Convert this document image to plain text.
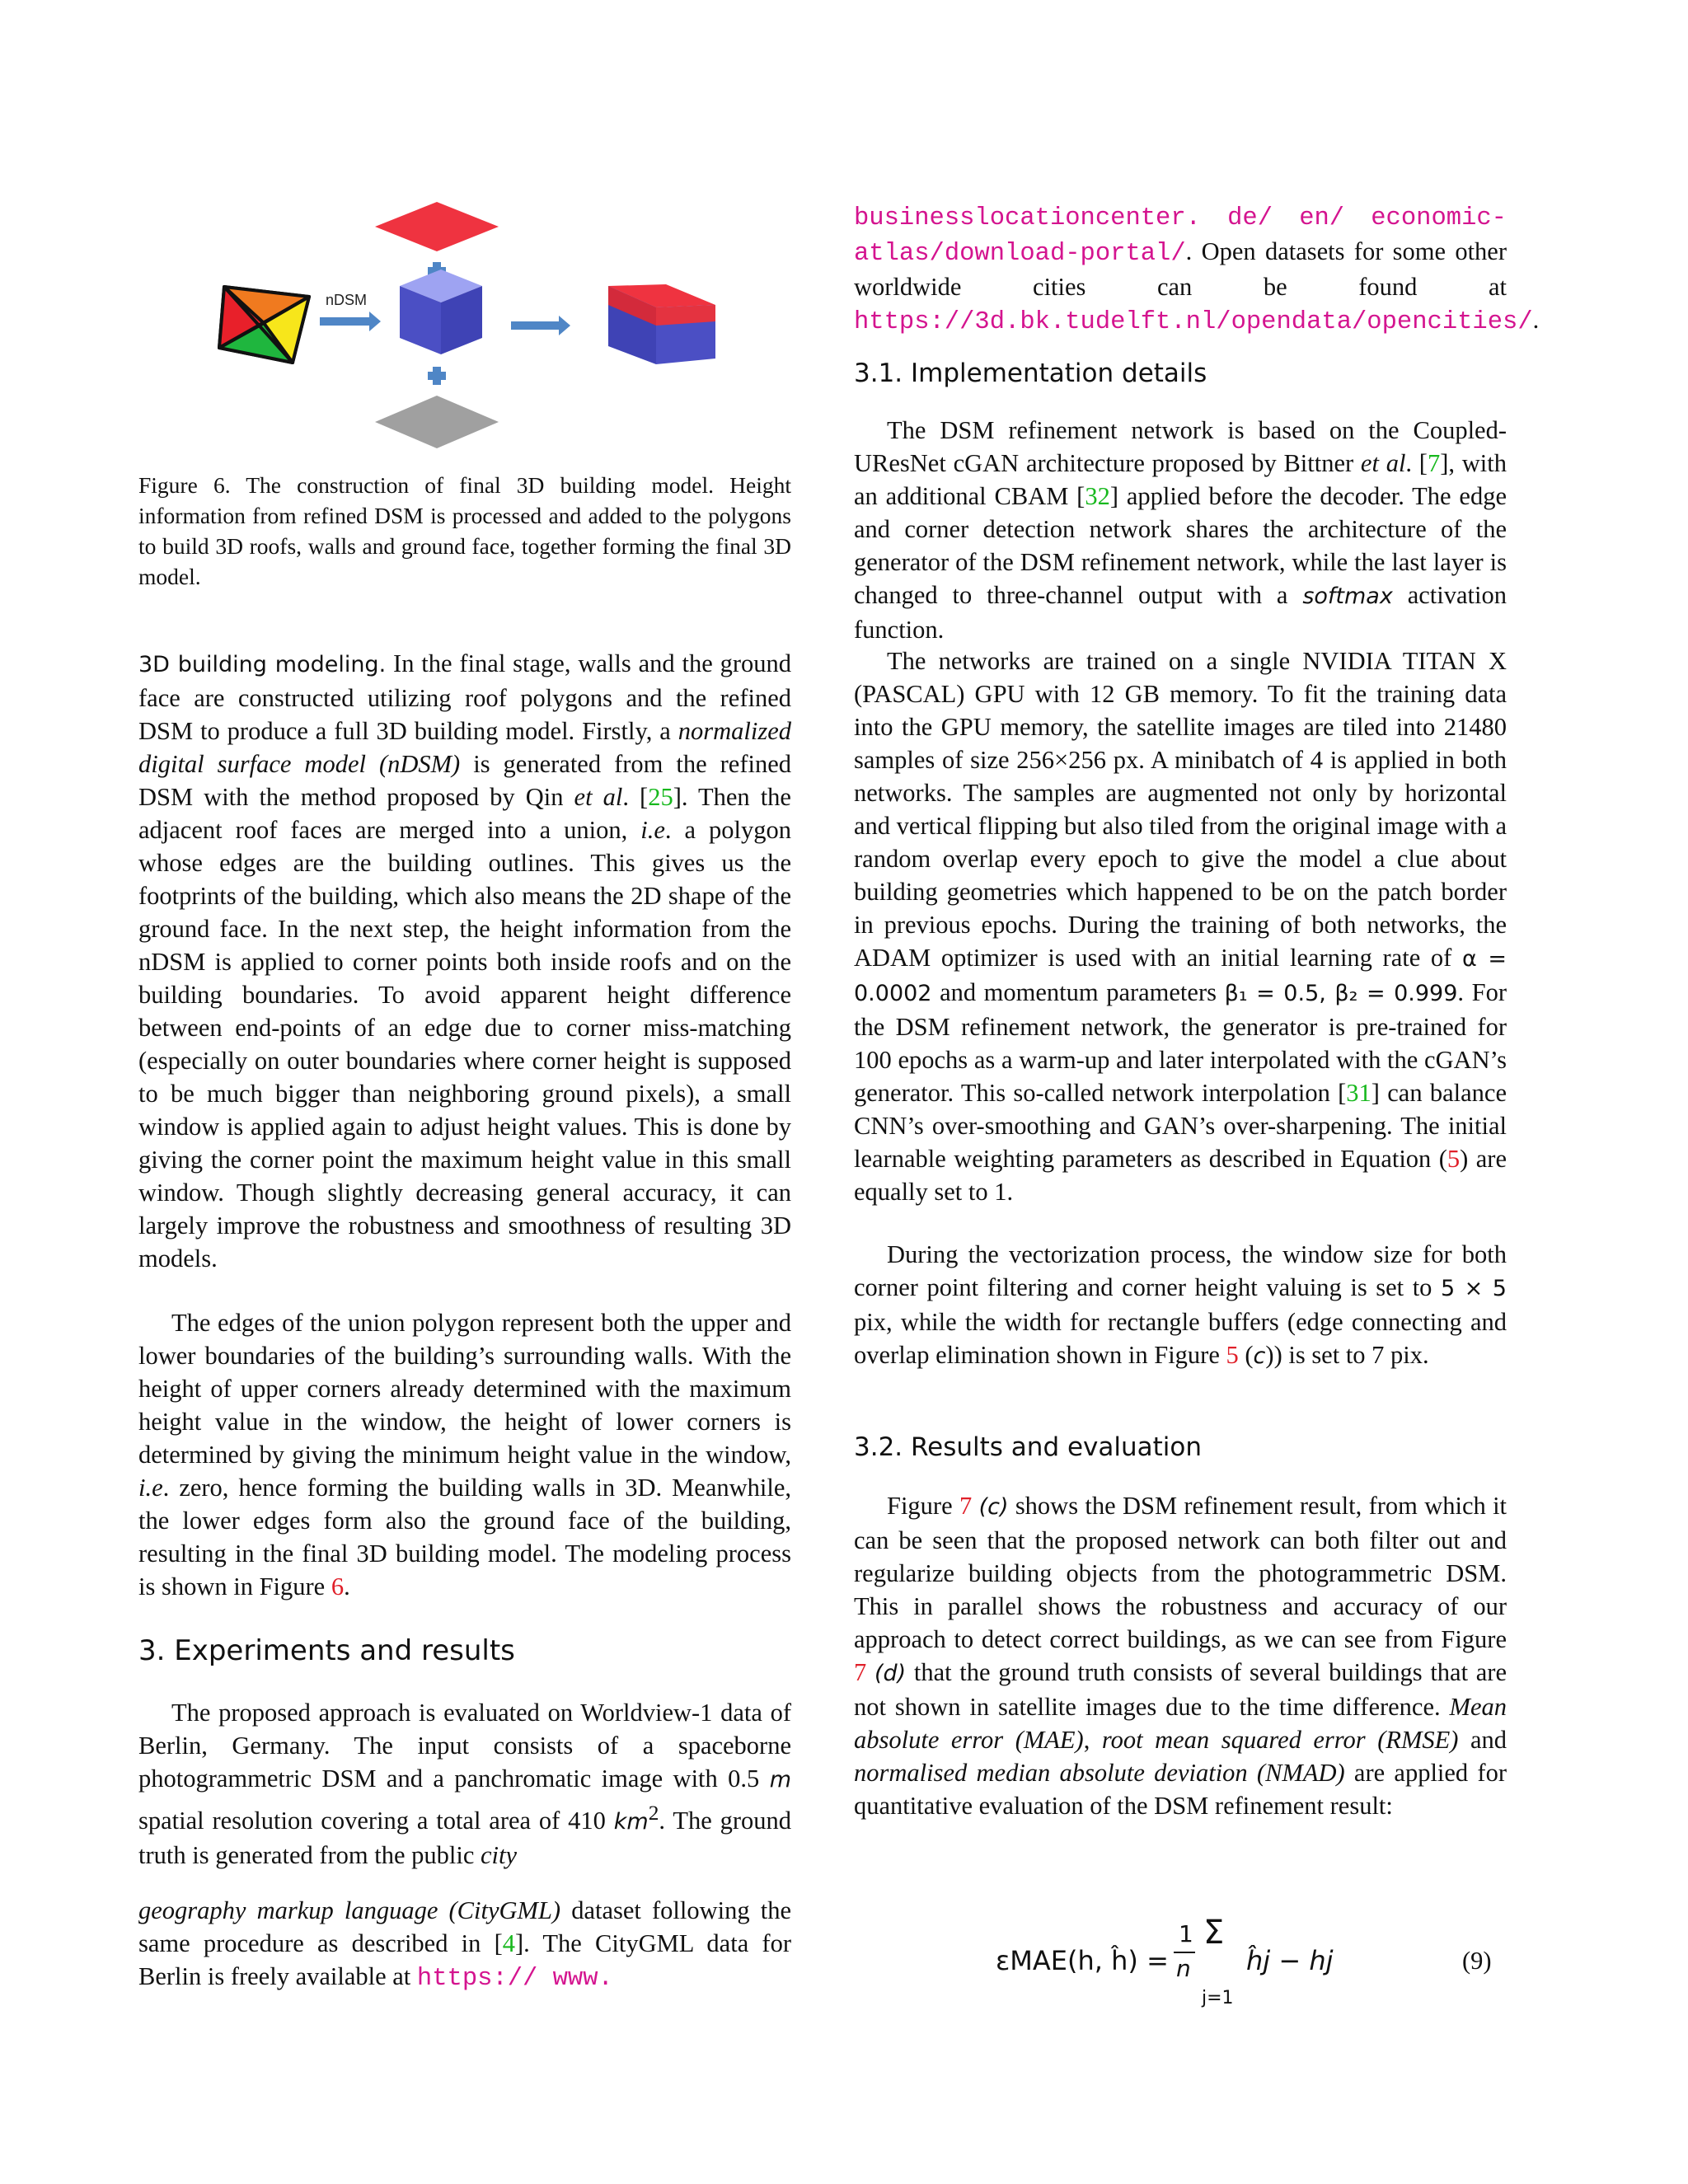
nDSM

Figure 6. The construction of final 3D building model. Height information from refined DSM is processed and added to the polygons to build 3D roofs, walls and ground face, together forming the final 3D model.

3D building modeling. In the final stage, walls and the ground face are constructed utilizing roof polygons and the refined DSM to produce a full 3D building model. Firstly, a normalized digital surface model (nDSM) is generated from the refined DSM with the method proposed by Qin et al. [25]. Then the adjacent roof faces are merged into a union, i.e. a polygon whose edges are the building outlines. This gives us the footprints of the building, which also means the 2D shape of the ground face. In the next step, the height information from the nDSM is applied to corner points both inside roofs and on the building boundaries. To avoid apparent height difference between end-points of an edge due to corner miss-matching (especially on outer boundaries where corner height is supposed to be much bigger than neighboring ground pixels), a small window is applied again to adjust height values. This is done by giving the corner point the maximum height value in this small window. Though slightly decreasing general accuracy, it can largely improve the robustness and smoothness of resulting 3D models.

The edges of the union polygon represent both the upper and lower boundaries of the building’s surrounding walls. With the height of upper corners already determined with the maximum height value in the window, the height of lower corners is determined by giving the minimum height value in the window, i.e. zero, hence forming the building walls in 3D. Meanwhile, the lower edges form also the ground face of the building, resulting in the final 3D building model. The modeling process is shown in Figure 6.

3. Experiments and results

The proposed approach is evaluated on Worldview-1 data of Berlin, Germany. The input consists of a spaceborne photogrammetric DSM and a panchromatic image with 0.5 m spatial resolution covering a total area of 410 $km^2$. The ground truth is generated from the public city

geography markup language (CityGML) dataset following the same procedure as described in [4]. The CityGML data for Berlin is freely available at https:// www.

businesslocationcenter. de/ en/ economic-atlas/download-portal/. Open datasets for some other worldwide cities can be found at https://3d.bk.tudelft.nl/opendata/opencities/.

3.1. Implementation details

The DSM refinement network is based on the Coupled-UResNet cGAN architecture proposed by Bittner et al. [7], with an additional CBAM [32] applied before the decoder. The edge and corner detection network shares the architecture of the generator of the DSM refinement network, while the last layer is changed to three-channel output with a softmax activation function.

The networks are trained on a single NVIDIA TITAN X (PASCAL) GPU with 12 GB memory. To fit the training data into the GPU memory, the satellite images are tiled into 21480 samples of size 256×256 px. A minibatch of 4 is applied in both networks. The samples are augmented not only by horizontal and vertical flipping but also tiled from the original image with a random overlap every epoch to give the model a clue about building geometries which happened to be on the patch border in previous epochs. During the training of both networks, the ADAM optimizer is used with an initial learning rate of α = 0.0002 and momentum parameters β₁ = 0.5, β₂ = 0.999. For the DSM refinement network, the generator is pre-trained for 100 epochs as a warm-up and later interpolated with the cGAN’s generator. This so-called network interpolation [31] can balance CNN’s over-smoothing and GAN’s over-sharpening. The initial learnable weighting parameters as described in Equation (5) are equally set to 1.

During the vectorization process, the window size for both corner point filtering and corner height valuing is set to 5 × 5 pix, while the width for rectangle buffers (edge connecting and overlap elimination shown in Figure 5 (c)) is set to 7 pix.

3.2. Results and evaluation

Figure 7 (c) shows the DSM refinement result, from which it can be seen that the proposed network can both filter out and regularize building objects from the photogrammetric DSM. This in parallel shows the robustness and accuracy of our approach to detect correct buildings, as we can see from Figure 7 (d) that the ground truth consists of several buildings that are not shown in satellite images due to the time difference. Mean absolute error (MAE), root mean squared error (RMSE) and normalised median absolute deviation (NMAD) are applied for quantitative evaluation of the DSM refinement result:

εMAE(h, ĥ) =
1
n
Σ
j=1
ĥj − hj	(9)
